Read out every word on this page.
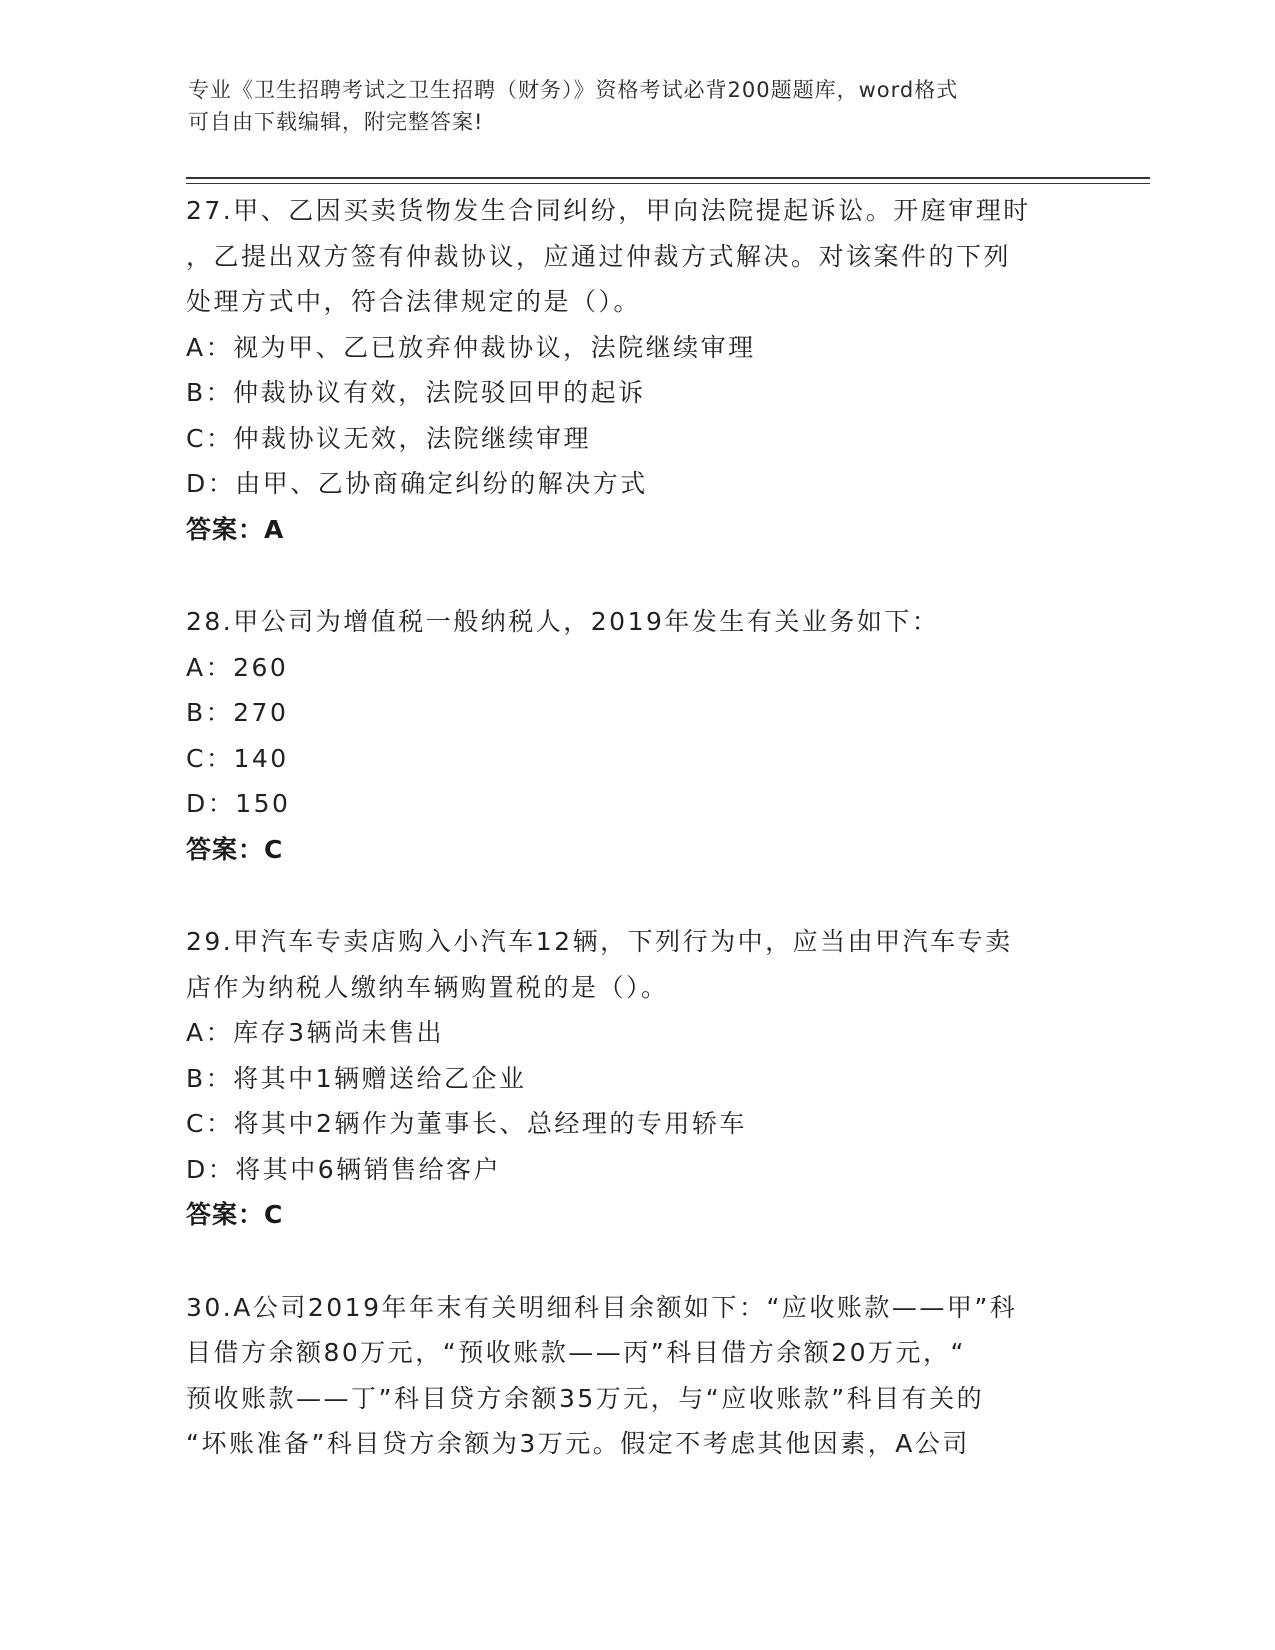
专业《卫生招聘考试之卫生招聘（财务）》资格考试必背200题题库，word格式
可自由下载编辑，附完整答案!
27.甲、乙因买卖货物发生合同纠纷，甲向法院提起诉讼。开庭审理时
，乙提出双方签有仲裁协议，应通过仲裁方式解决。对该案件的下列
处理方式中，符合法律规定的是（）。
A：视为甲、乙已放弃仲裁协议，法院继续审理
B：仲裁协议有效，法院驳回甲的起诉
C：仲裁协议无效，法院继续审理
D：由甲、乙协商确定纠纷的解决方式
答案：A
28.甲公司为增值税一般纳税人，2019年发生有关业务如下：
A：260
B：270
C：140
D：150
答案：C
29.甲汽车专卖店购入小汽车12辆，下列行为中，应当由甲汽车专卖
店作为纳税人缴纳车辆购置税的是（）。
A：库存3辆尚未售出
B：将其中1辆赠送给乙企业
C：将其中2辆作为董事长、总经理的专用轿车
D：将其中6辆销售给客户
答案：C
30.A公司2019年年末有关明细科目余额如下：“应收账款——甲”科
目借方余额80万元，“预收账款——丙”科目借方余额20万元，“
预收账款——丁”科目贷方余额35万元，与“应收账款”科目有关的
“坏账准备”科目贷方余额为3万元。假定不考虑其他因素，A公司
